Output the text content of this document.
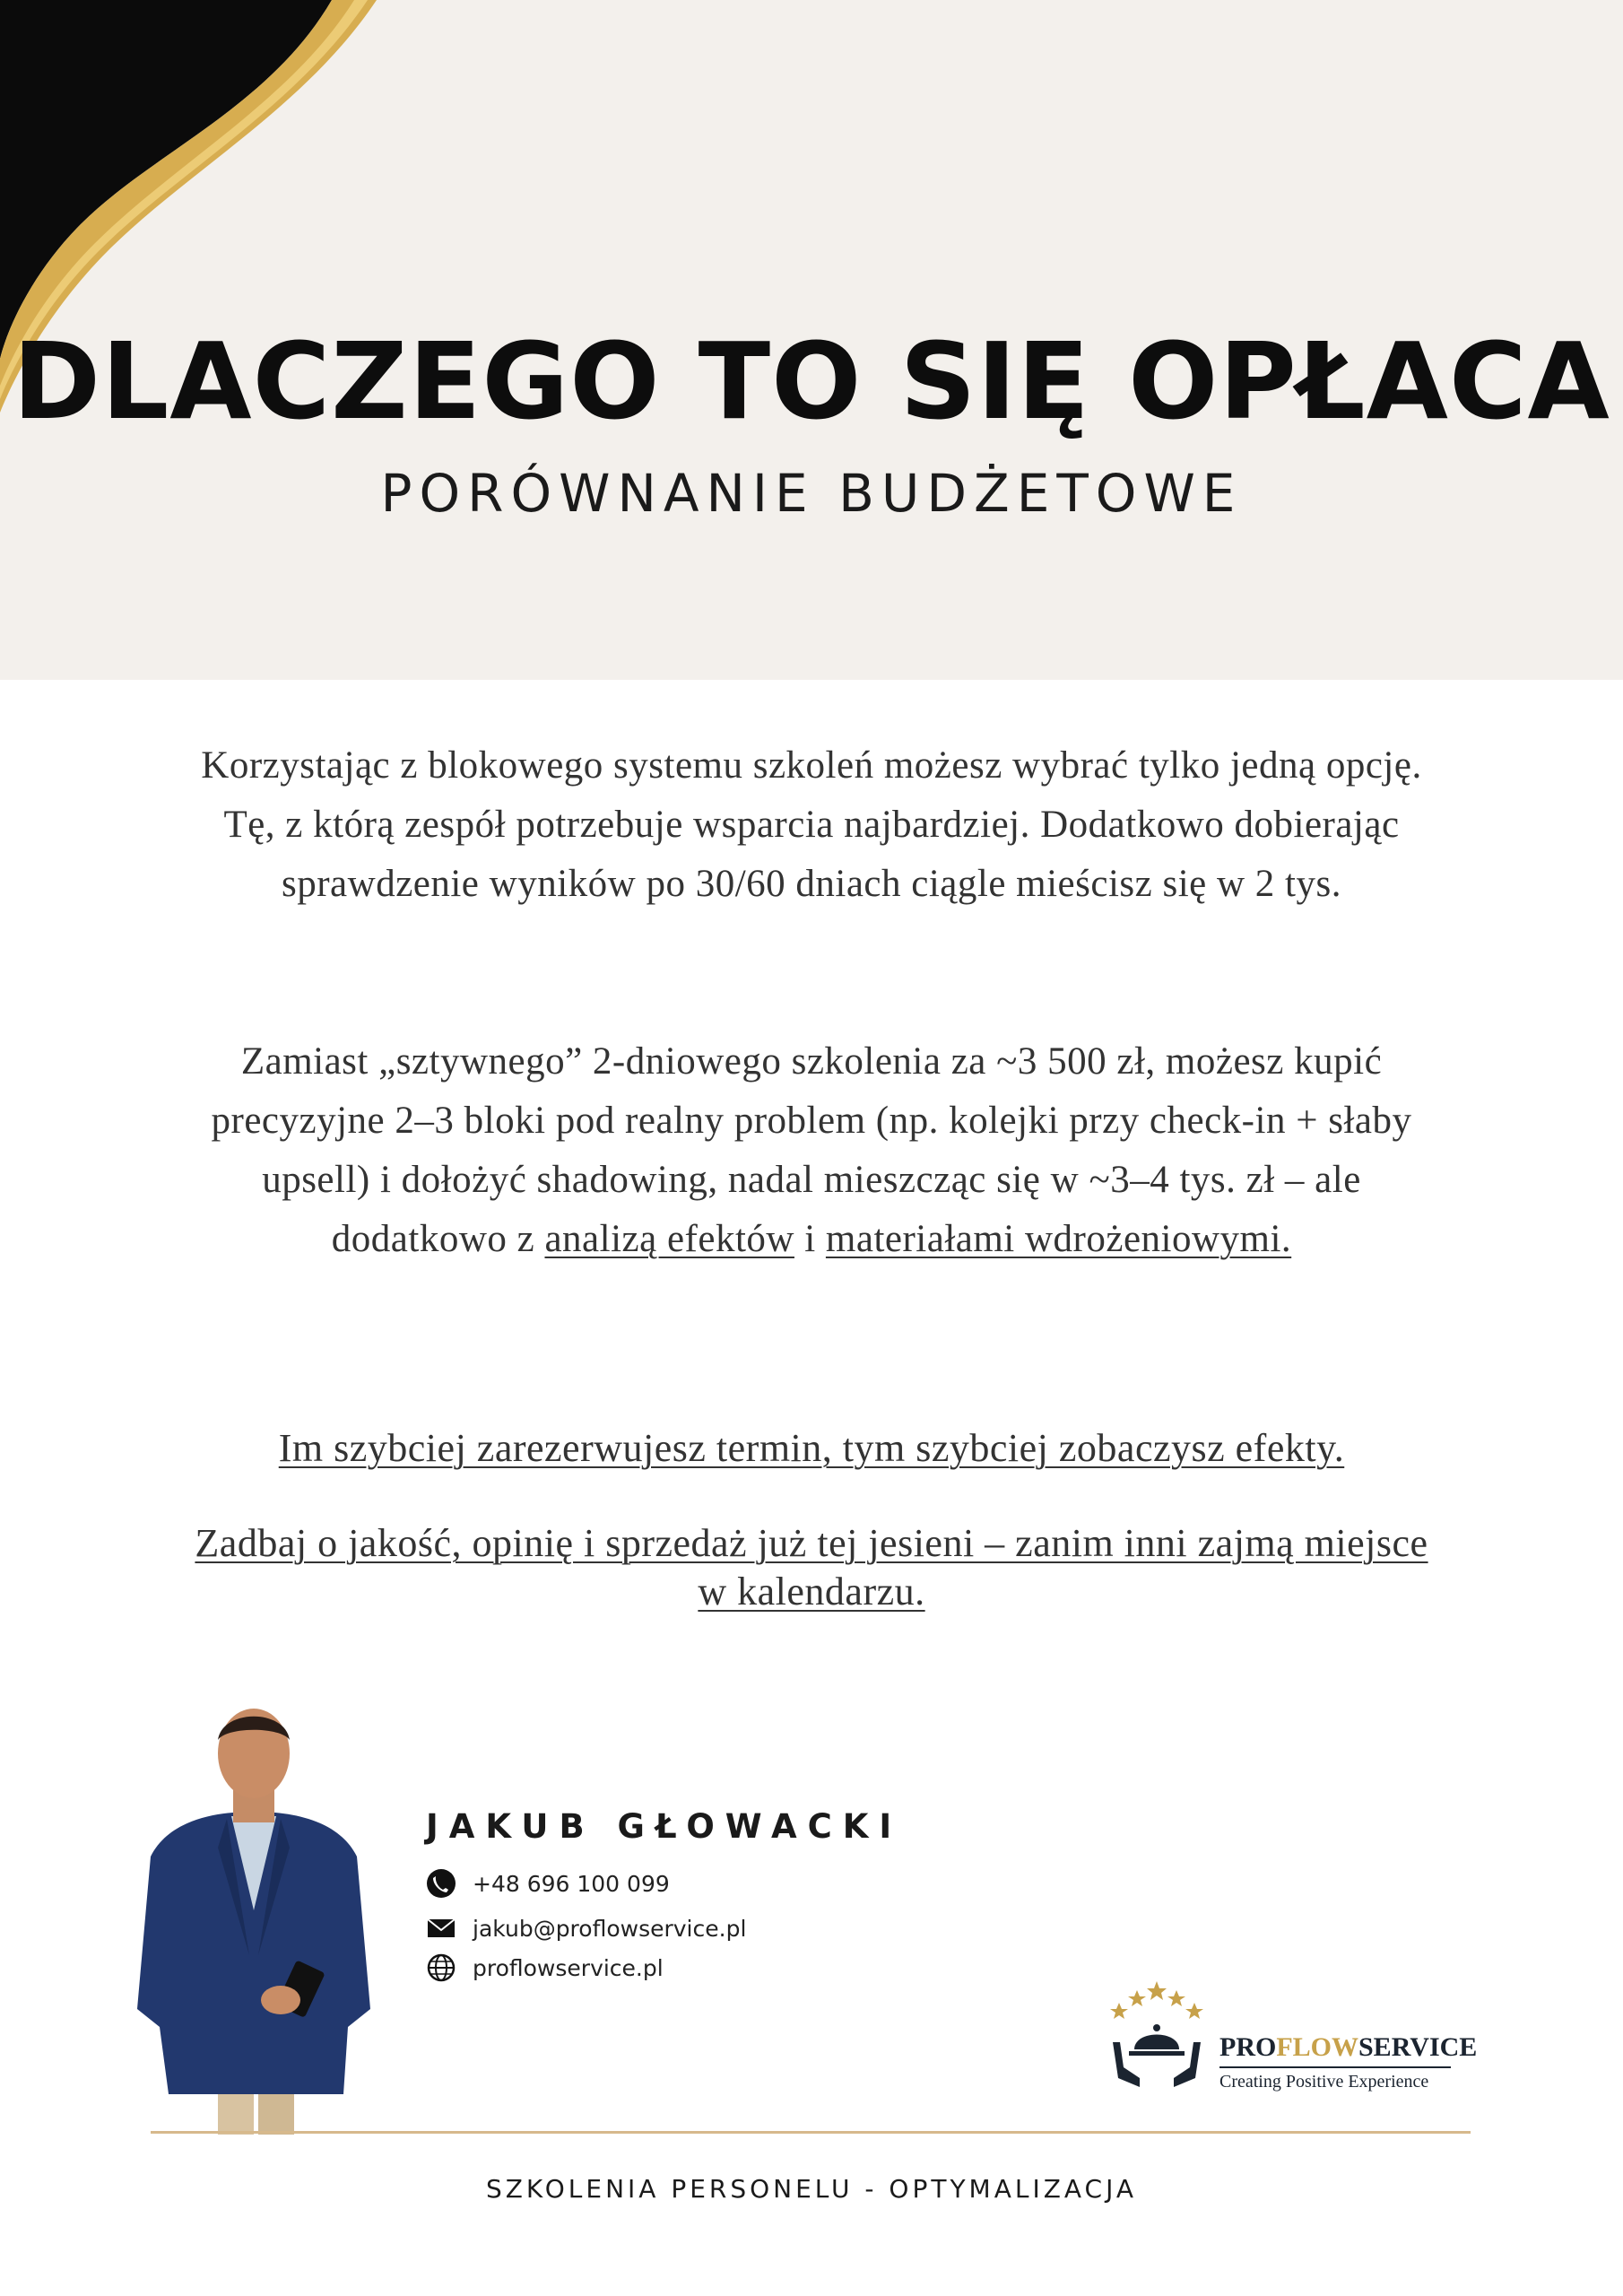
DLACZEGO TO SIĘ OPŁACA
PORÓWNANIE BUDŻETOWE

Korzystając z blokowego systemu szkoleń możesz wybrać tylko jedną opcję. Tę, z którą zespół potrzebuje wsparcia najbardziej. Dodatkowo dobierając sprawdzenie wyników po 30/60 dniach ciągle mieścisz się w 2 tys.

Zamiast „sztywnego” 2-dniowego szkolenia za ~3 500 zł, możesz kupić precyzyjne 2–3 bloki pod realny problem (np. kolejki przy check-in + słaby upsell) i dołożyć shadowing, nadal mieszcząc się w ~3–4 tys. zł – ale dodatkowo z analizą efektów i materiałami wdrożeniowymi.

Im szybciej zarezerwujesz termin, tym szybciej zobaczysz efekty.

Zadbaj o jakość, opinię i sprzedaż już tej jesieni – zanim inni zajmą miejsce w kalendarzu.

JAKUB GŁOWACKI
+48 696 100 099
jakub@proflowservice.pl
proflowservice.pl
PROFLOWSERVICE
Creating Positive Experience
SZKOLENIA PERSONELU - OPTYMALIZACJA
